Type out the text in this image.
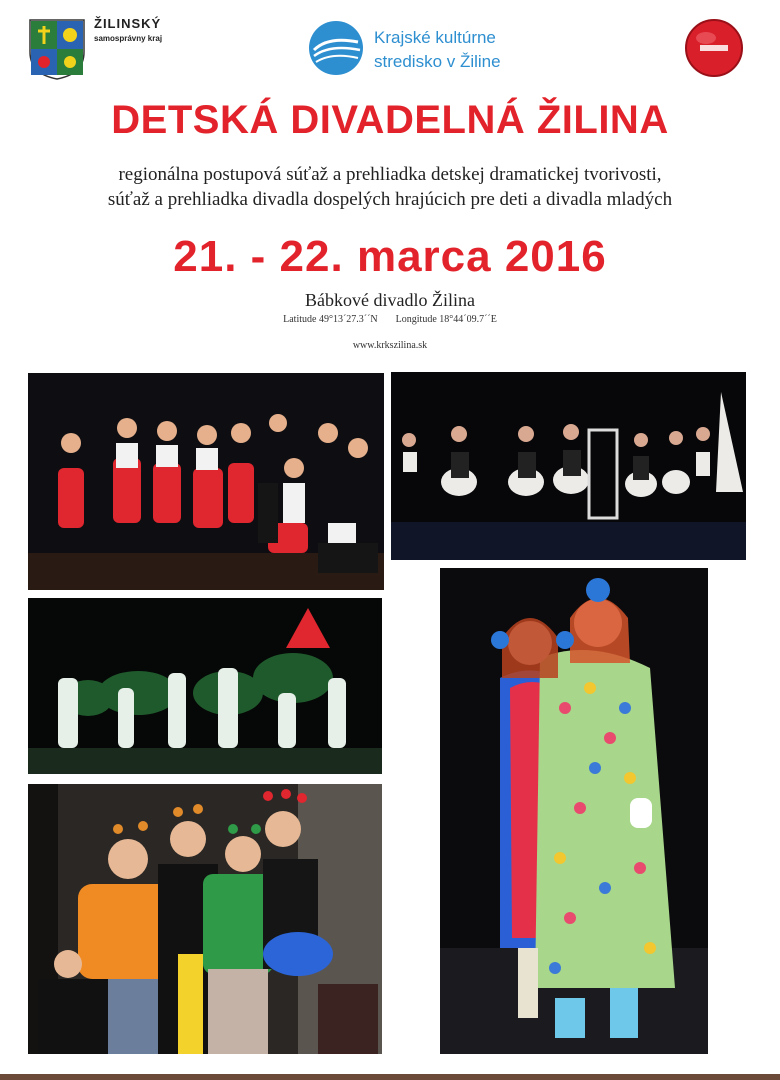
ŽILINSKÝ
samosprávny kraj	Krajské kultúrne
stredisko v Žiline
DETSKÁ DIVADELNÁ ŽILINA
regionálna postupová súťaž a prehliadka detskej dramatickej tvorivosti,
súťaž a prehliadka divadla dospelých hrajúcich pre deti a divadla mladých
21. - 22. marca 2016
Bábkové divadlo Žilina
Latitude 49°13´27.3´´N Longitude 18°44´09.7´´E
www.krkszilina.sk
